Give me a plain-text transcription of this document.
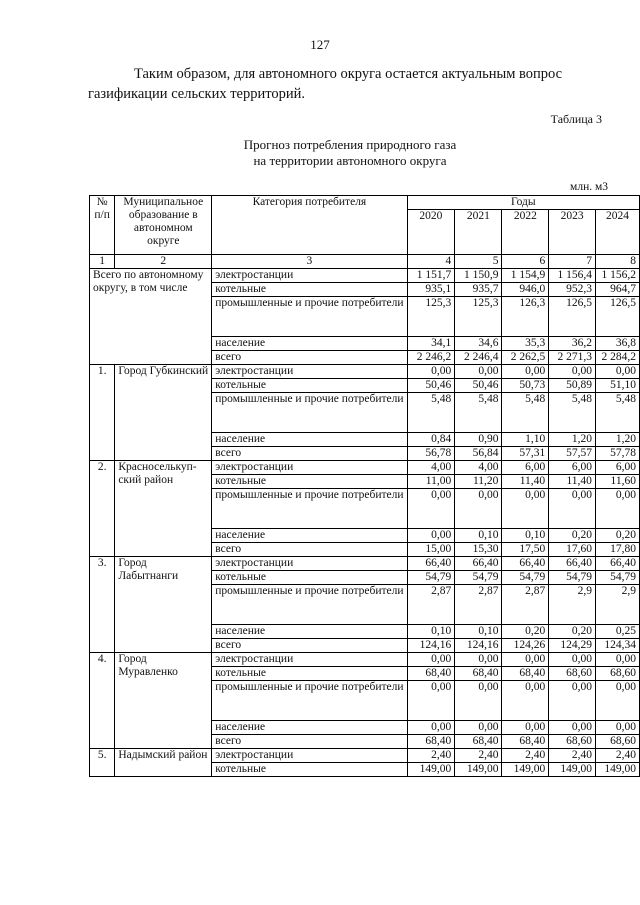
127
Таким образом, для автономного округа остается актуальным вопрос
газификации сельских территорий.
Таблица 3
Прогноз потребления природного газа
на территории автономного округа
млн. м3
№ п/п	Муниципальное образование в автономном округе	Категория потребителя	Годы				
			2020	2021	2022	2023	2024
1	2	3	4	5	6	7	8
Всего по автономному округу, в том числе		электростанции	1 151,7	1 150,9	1 154,9	1 156,4	1 156,2
		котельные	935,1	935,7	946,0	952,3	964,7
		промышленные и прочие потребители	125,3	125,3	126,3	126,5	126,5
		население	34,1	34,6	35,3	36,2	36,8
		всего	2 246,2	2 246,4	2 262,5	2 271,3	2 284,2
1.	Город Губкинский	электростанции	0,00	0,00	0,00	0,00	0,00
		котельные	50,46	50,46	50,73	50,89	51,10
		промышленные и прочие потребители	5,48	5,48	5,48	5,48	5,48
		население	0,84	0,90	1,10	1,20	1,20
		всего	56,78	56,84	57,31	57,57	57,78
2.	Красноселькуп-ский район	электростанции	4,00	4,00	6,00	6,00	6,00
		котельные	11,00	11,20	11,40	11,40	11,60
		промышленные и прочие потребители	0,00	0,00	0,00	0,00	0,00
		население	0,00	0,10	0,10	0,20	0,20
		всего	15,00	15,30	17,50	17,60	17,80
3.	Город Лабытнанги	электростанции	66,40	66,40	66,40	66,40	66,40
		котельные	54,79	54,79	54,79	54,79	54,79
		промышленные и прочие потребители	2,87	2,87	2,87	2,9	2,9
		население	0,10	0,10	0,20	0,20	0,25
		всего	124,16	124,16	124,26	124,29	124,34
4.	Город Муравленко	электростанции	0,00	0,00	0,00	0,00	0,00
		котельные	68,40	68,40	68,40	68,60	68,60
		промышленные и прочие потребители	0,00	0,00	0,00	0,00	0,00
		население	0,00	0,00	0,00	0,00	0,00
		всего	68,40	68,40	68,40	68,60	68,60
5.	Надымский район	электростанции	2,40	2,40	2,40	2,40	2,40
		котельные	149,00	149,00	149,00	149,00	149,00
